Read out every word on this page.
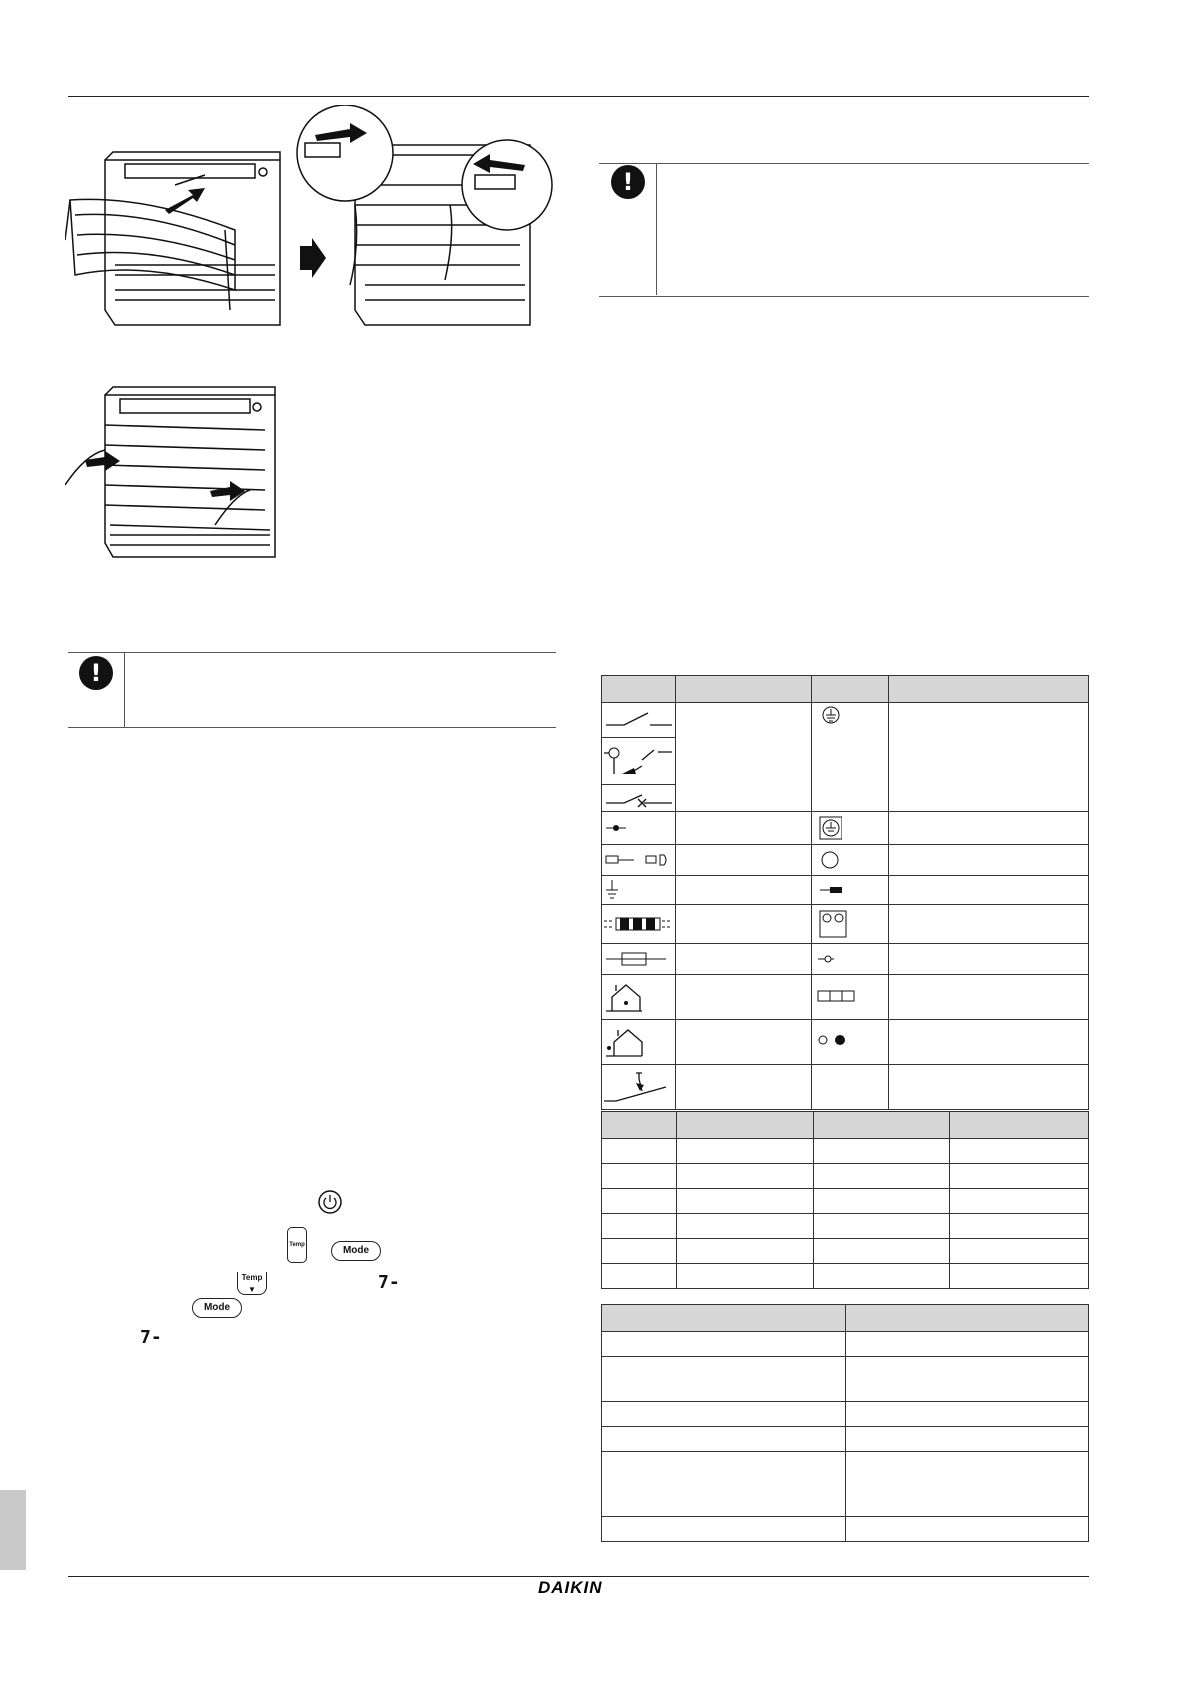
!
!
Temp	Mode
Temp
▼	7-
Mode
7-

DAIKIN
